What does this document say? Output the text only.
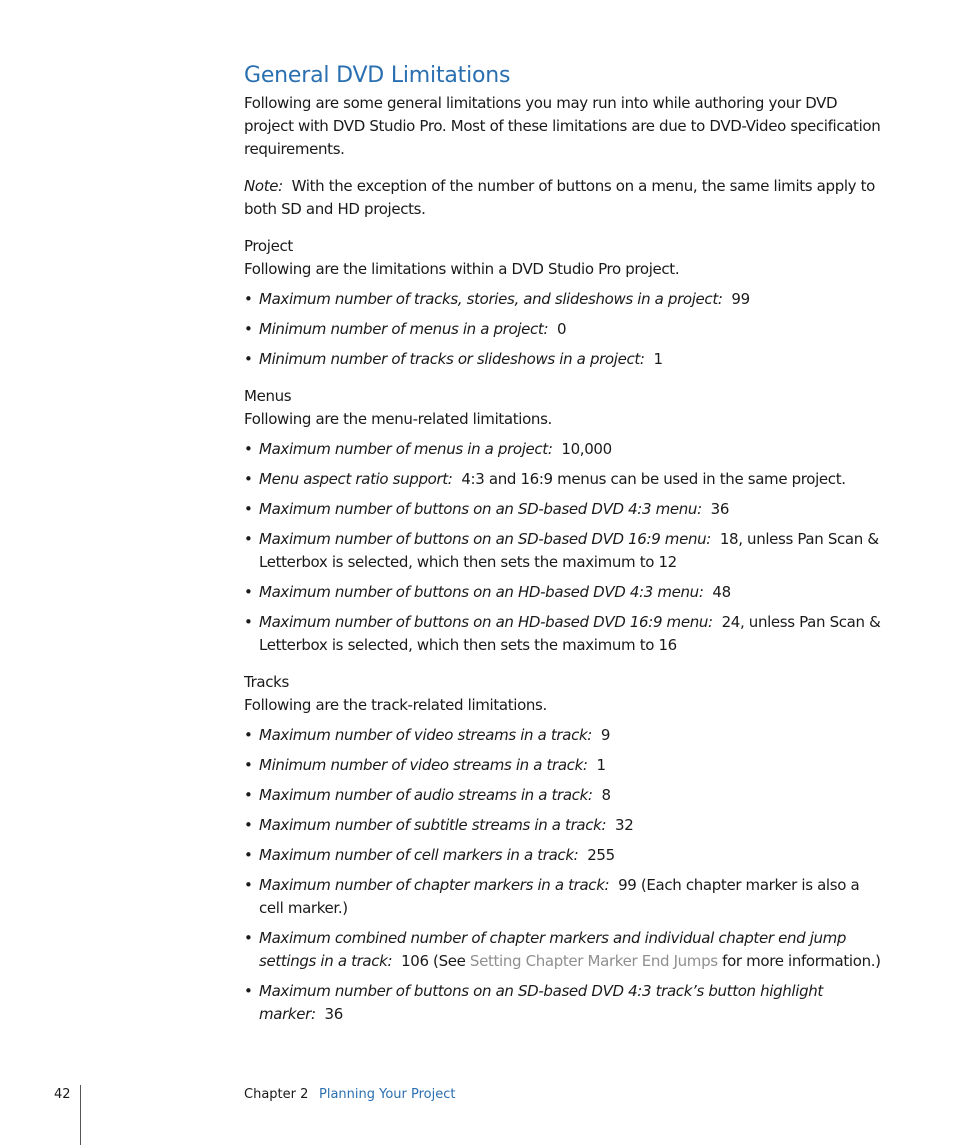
General DVD Limitations

Following are some general limitations you may run into while authoring your DVD project with DVD Studio Pro. Most of these limitations are due to DVD-Video specification requirements.

Note: With the exception of the number of buttons on a menu, the same limits apply to both SD and HD projects.

Project

Following are the limitations within a DVD Studio Pro project.

• Maximum number of tracks, stories, and slideshows in a project: 99
• Minimum number of menus in a project: 0
• Minimum number of tracks or slideshows in a project: 1
Menus

Following are the menu-related limitations.

• Maximum number of menus in a project: 10,000
• Menu aspect ratio support: 4:3 and 16:9 menus can be used in the same project.
• Maximum number of buttons on an SD-based DVD 4:3 menu: 36
• Maximum number of buttons on an SD-based DVD 16:9 menu: 18, unless Pan Scan & Letterbox is selected, which then sets the maximum to 12
• Maximum number of buttons on an HD-based DVD 4:3 menu: 48
• Maximum number of buttons on an HD-based DVD 16:9 menu: 24, unless Pan Scan & Letterbox is selected, which then sets the maximum to 16
Tracks

Following are the track-related limitations.

• Maximum number of video streams in a track: 9
• Minimum number of video streams in a track: 1
• Maximum number of audio streams in a track: 8
• Maximum number of subtitle streams in a track: 32
• Maximum number of cell markers in a track: 255
• Maximum number of chapter markers in a track: 99 (Each chapter marker is also a cell marker.)
• Maximum combined number of chapter markers and individual chapter end jump settings in a track: 106 (See Setting Chapter Marker End Jumps for more information.)
• Maximum number of buttons on an SD-based DVD 4:3 track’s button highlight marker: 36
42	Chapter 2 Planning Your Project
